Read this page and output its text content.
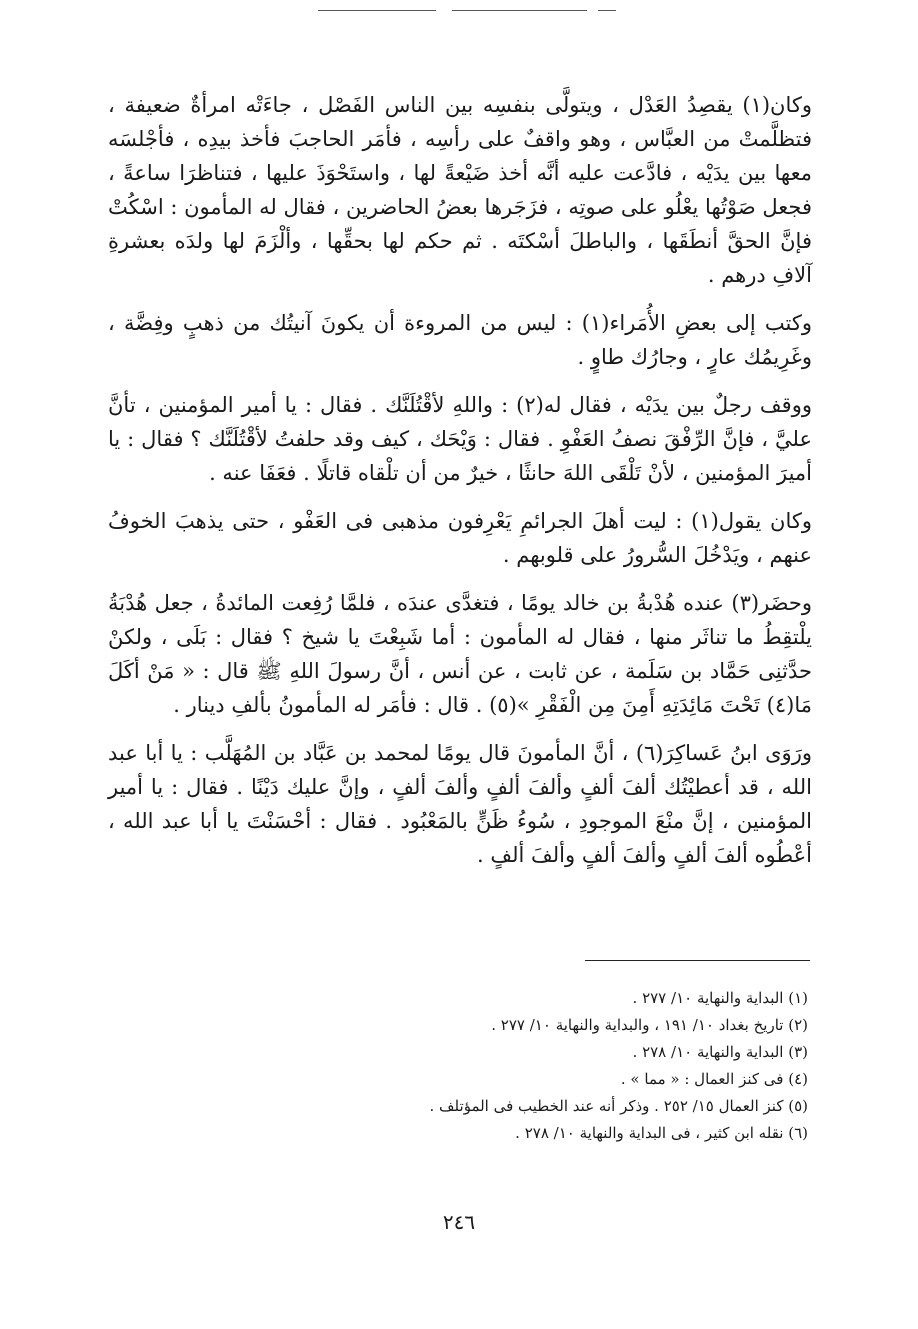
وكان(١) يقصِدُ العَدْل ، ويتولَّى بنفسِه بين الناس الفَصْل ، جاءَتْه امرأةٌ ضعيفة ، فتظلَّمتْ من العبَّاس ، وهو واقفٌ على رأسِه ، فأمَر الحاجبَ فأخذ بيدِه ، فأجْلسَه معها بين يدَيْه ، فادَّعت عليه أنَّه أخذ ضَيْعةً لها ، واستَحْوَذَ عليها ، فتناظرَا ساعةً ، فجعل صَوْتُها يعْلُو على صوتِه ، فزَجَرها بعضُ الحاضرين ، فقال له المأمون : اسْكُتْ فإنَّ الحقَّ أنطَقَها ، والباطلَ أسْكتَه . ثم حكم لها بحقِّها ، وألْزَمَ لها ولدَه بعشرةِ آلافِ درهم .

وكتب إلى بعضِ الأُمَراء(١) : ليس من المروءة أن يكونَ آنيتُك من ذهبٍ وفِضَّة ، وغَرِيمُك عارٍ ، وجارُك طاوٍ .

ووقف رجلٌ بين يدَيْه ، فقال له(٢) : واللهِ لأقْتُلَنَّك . فقال : يا أمير المؤمنين ، تأنَّ عليَّ ، فإنَّ الرِّفْقَ نصفُ العَفْوِ . فقال : وَيْحَك ، كيف وقد حلفتُ لأقْتُلَنَّك ؟ فقال : يا أميرَ المؤمنين ، لأنْ تَلْقَى اللهَ حانثًا ، خيرٌ من أن تلْقاه قاتلًا . فعَفَا عنه .

وكان يقول(١) : ليت أهلَ الجرائمِ يَعْرِفون مذهبى فى العَفْو ، حتى يذهبَ الخوفُ عنهم ، ويَدْخُلَ السُّرورُ على قلوبهم .

وحضَر(٣) عنده هُدْبةُ بن خالد يومًا ، فتغدَّى عندَه ، فلمَّا رُفِعت المائدةُ ، جعل هُدْبَةُ يلْتقِطُ ما تناثَر منها ، فقال له المأمون : أما شَبِعْتَ يا شيخ ؟ فقال : بَلَى ، ولكنْ حدَّثنِى حَمَّاد بن سَلَمة ، عن ثابت ، عن أنس ، أنَّ رسولَ اللهِ ﷺ قال : « مَنْ أكَلَ مَا(٤) تَحْتَ مَائِدَتِهِ أَمِنَ مِن الْفَقْرِ »(٥) . قال : فأمَر له المأمونُ بألفِ دينار .

ورَوَى ابنُ عَساكِرَ(٦) ، أنَّ المأمونَ قال يومًا لمحمد بن عَبَّاد بن المُهَلَّب : يا أبا عبد الله ، قد أعطيْتُك ألفَ ألفٍ وألفَ ألفٍ وألفَ ألفٍ ، وإنَّ عليك دَيْنًا . فقال : يا أمير المؤمنين ، إنَّ منْعَ الموجودِ ، سُوءُ ظَنٍّ بالمَعْبُود . فقال : أحْسَنْتَ يا أبا عبد الله ، أعْطُوه ألفَ ألفٍ وألفَ ألفٍ وألفَ ألفٍ .

(١) البداية والنهاية ١٠/ ٢٧٧ .

(٢) تاريخ بغداد ١٠/ ١٩١ ، والبداية والنهاية ١٠/ ٢٧٧ .

(٣) البداية والنهاية ١٠/ ٢٧٨ .

(٤) فى كنز العمال : « مما » .

(٥) كنز العمال ١٥/ ٢٥٢ . وذكر أنه عند الخطيب فى المؤتلف .

(٦) نقله ابن كثير ، فى البداية والنهاية ١٠/ ٢٧٨ .

٢٤٦
